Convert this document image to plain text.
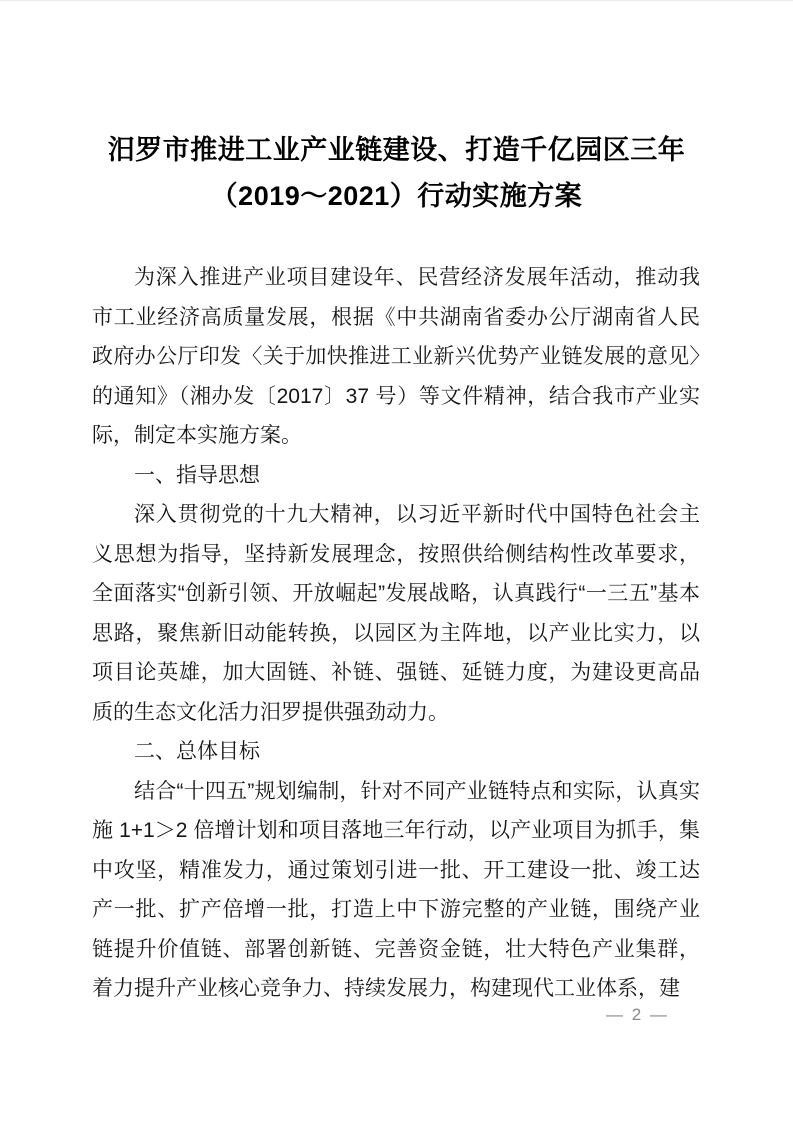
汨罗市推进工业产业链建设、打造千亿园区三年
（2019～2021）行动实施方案
为深入推进产业项目建设年、民营经济发展年活动，推动我市工业经济高质量发展，根据《中共湖南省委办公厅湖南省人民政府办公厅印发〈关于加快推进工业新兴优势产业链发展的意见〉的通知》（湘办发〔2017〕37 号）等文件精神，结合我市产业实际，制定本实施方案。
一、指导思想
深入贯彻党的十九大精神，以习近平新时代中国特色社会主义思想为指导，坚持新发展理念，按照供给侧结构性改革要求，全面落实“创新引领、开放崛起”发展战略，认真践行“一三五”基本思路，聚焦新旧动能转换，以园区为主阵地，以产业比实力，以项目论英雄，加大固链、补链、强链、延链力度，为建设更高品质的生态文化活力汨罗提供强劲动力。
二、总体目标
结合“十四五”规划编制，针对不同产业链特点和实际，认真实施 1+1＞2 倍增计划和项目落地三年行动，以产业项目为抓手，集中攻坚，精准发力，通过策划引进一批、开工建设一批、竣工达产一批、扩产倍增一批，打造上中下游完整的产业链，围绕产业链提升价值链、部署创新链、完善资金链，壮大特色产业集群，着力提升产业核心竞争力、持续发展力，构建现代工业体系，建
— 2 —
